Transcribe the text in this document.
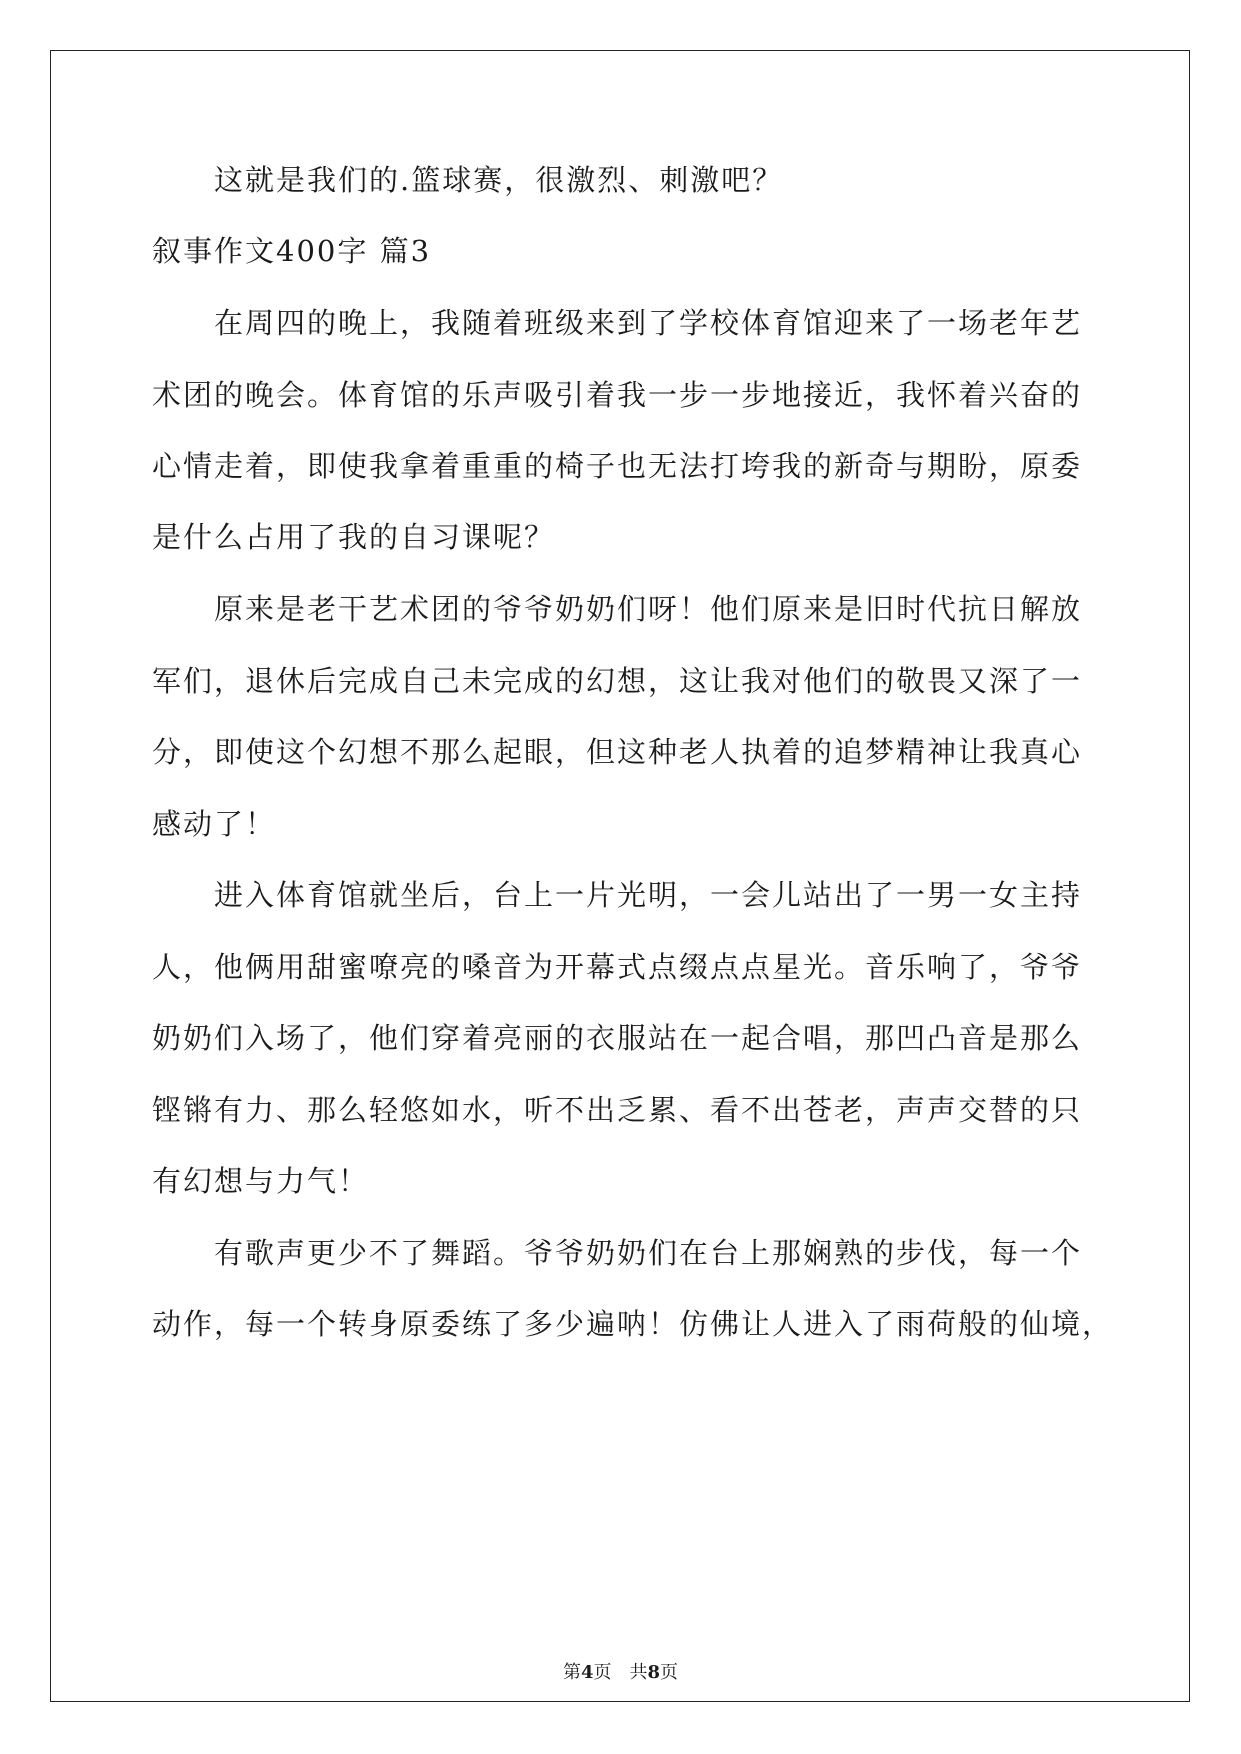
这就是我们的.篮球赛，很激烈、刺激吧？
叙事作文400字 篇3
在周四的晚上，我随着班级来到了学校体育馆迎来了一场老年艺
术团的晚会。体育馆的乐声吸引着我一步一步地接近，我怀着兴奋的
心情走着，即使我拿着重重的椅子也无法打垮我的新奇与期盼，原委
是什么占用了我的自习课呢？
原来是老干艺术团的爷爷奶奶们呀！他们原来是旧时代抗日解放
军们，退休后完成自己未完成的幻想，这让我对他们的敬畏又深了一
分，即使这个幻想不那么起眼，但这种老人执着的追梦精神让我真心
感动了！
进入体育馆就坐后，台上一片光明，一会儿站出了一男一女主持
人，他俩用甜蜜嘹亮的嗓音为开幕式点缀点点星光。音乐响了，爷爷
奶奶们入场了，他们穿着亮丽的衣服站在一起合唱，那凹凸音是那么
铿锵有力、那么轻悠如水，听不出乏累、看不出苍老，声声交替的只
有幻想与力气！
有歌声更少不了舞蹈。爷爷奶奶们在台上那娴熟的步伐，每一个
动作，每一个转身原委练了多少遍呐！仿佛让人进入了雨荷般的仙境，
第4页　共8页
